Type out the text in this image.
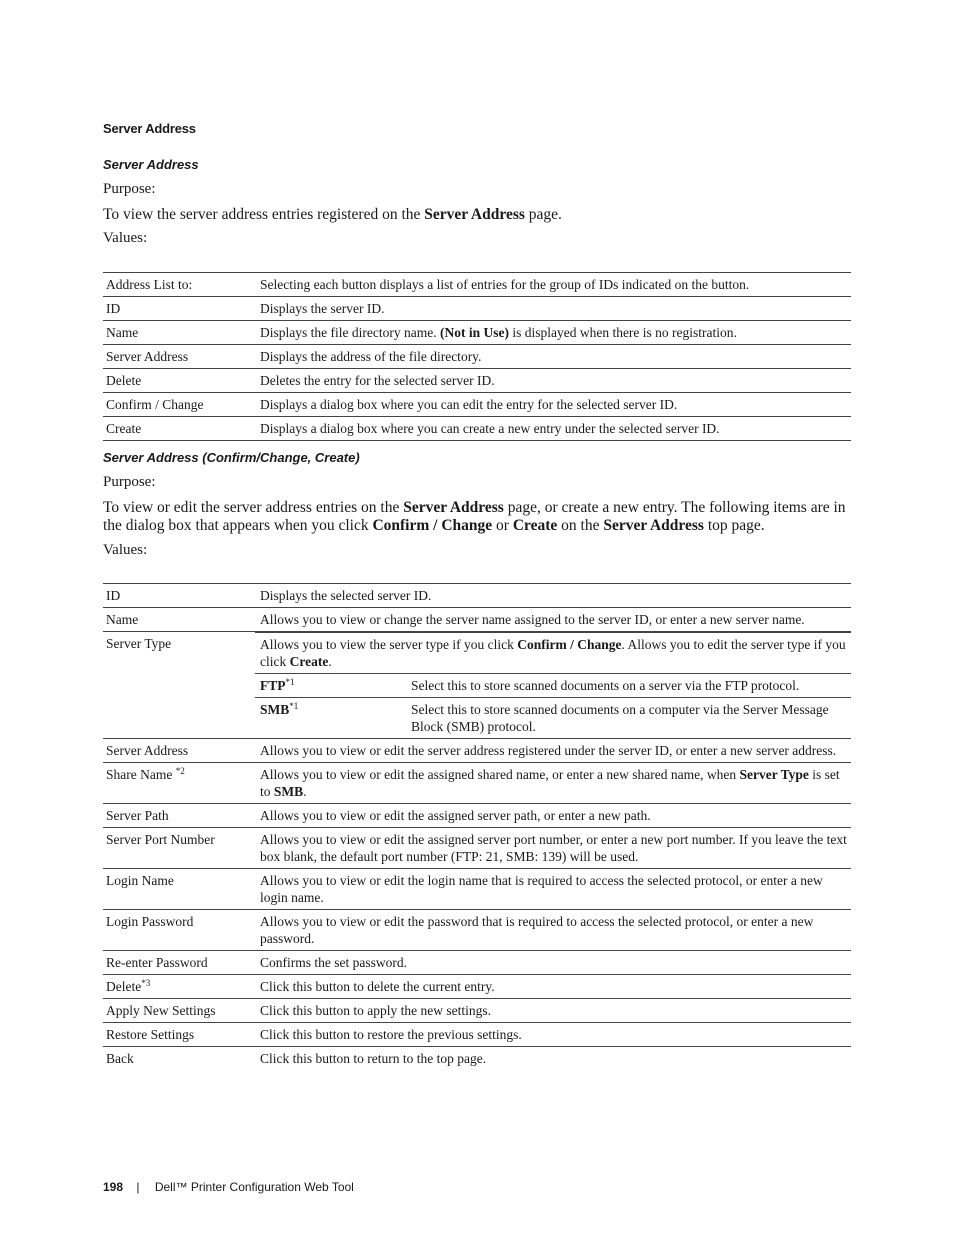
Server Address
Server Address
Purpose:
To view the server address entries registered on the Server Address page.
Values:
Address List to:	Selecting each button displays a list of entries for the group of IDs indicated on the button.
ID	Displays the server ID.
Name	Displays the file directory name. (Not in Use) is displayed when there is no registration.
Server Address	Displays the address of the file directory.
Delete	Deletes the entry for the selected server ID.
Confirm / Change	Displays a dialog box where you can edit the entry for the selected server ID.
Create	Displays a dialog box where you can create a new entry under the selected server ID.
Server Address (Confirm/Change, Create)
Purpose:
To view or edit the server address entries on the Server Address page, or create a new entry. The following items are in the dialog box that appears when you click Confirm / Change or Create on the Server Address top page.
Values:
ID	Displays the selected server ID.
Name	Allows you to view or change the server name assigned to the server ID, or enter a new server name.
Server Type		Allows you to view the server type if you click Confirm / Change. Allows you to edit the server type if you click Create.
FTP$^{*1}$	Select this to store scanned documents on a server via the FTP protocol.
SMB$^{*1}$	Select this to store scanned documents on a computer via the Server Message Block (SMB) protocol.

Server Address	Allows you to view or edit the server address registered under the server ID, or enter a new server address.
Share Name $^{*2}$	Allows you to view or edit the assigned shared name, or enter a new shared name, when Server Type is set to SMB.
Server Path	Allows you to view or edit the assigned server path, or enter a new path.
Server Port Number	Allows you to view or edit the assigned server port number, or enter a new port number. If you leave the text box blank, the default port number (FTP: 21, SMB: 139) will be used.
Login Name	Allows you to view or edit the login name that is required to access the selected protocol, or enter a new login name.
Login Password	Allows you to view or edit the password that is required to access the selected protocol, or enter a new password.
Re-enter Password	Confirms the set password.
Delete$^{*3}$	Click this button to delete the current entry.
Apply New Settings	Click this button to apply the new settings.
Restore Settings	Click this button to restore the previous settings.
Back	Click this button to return to the top page.
198 | Dell™ Printer Configuration Web Tool
